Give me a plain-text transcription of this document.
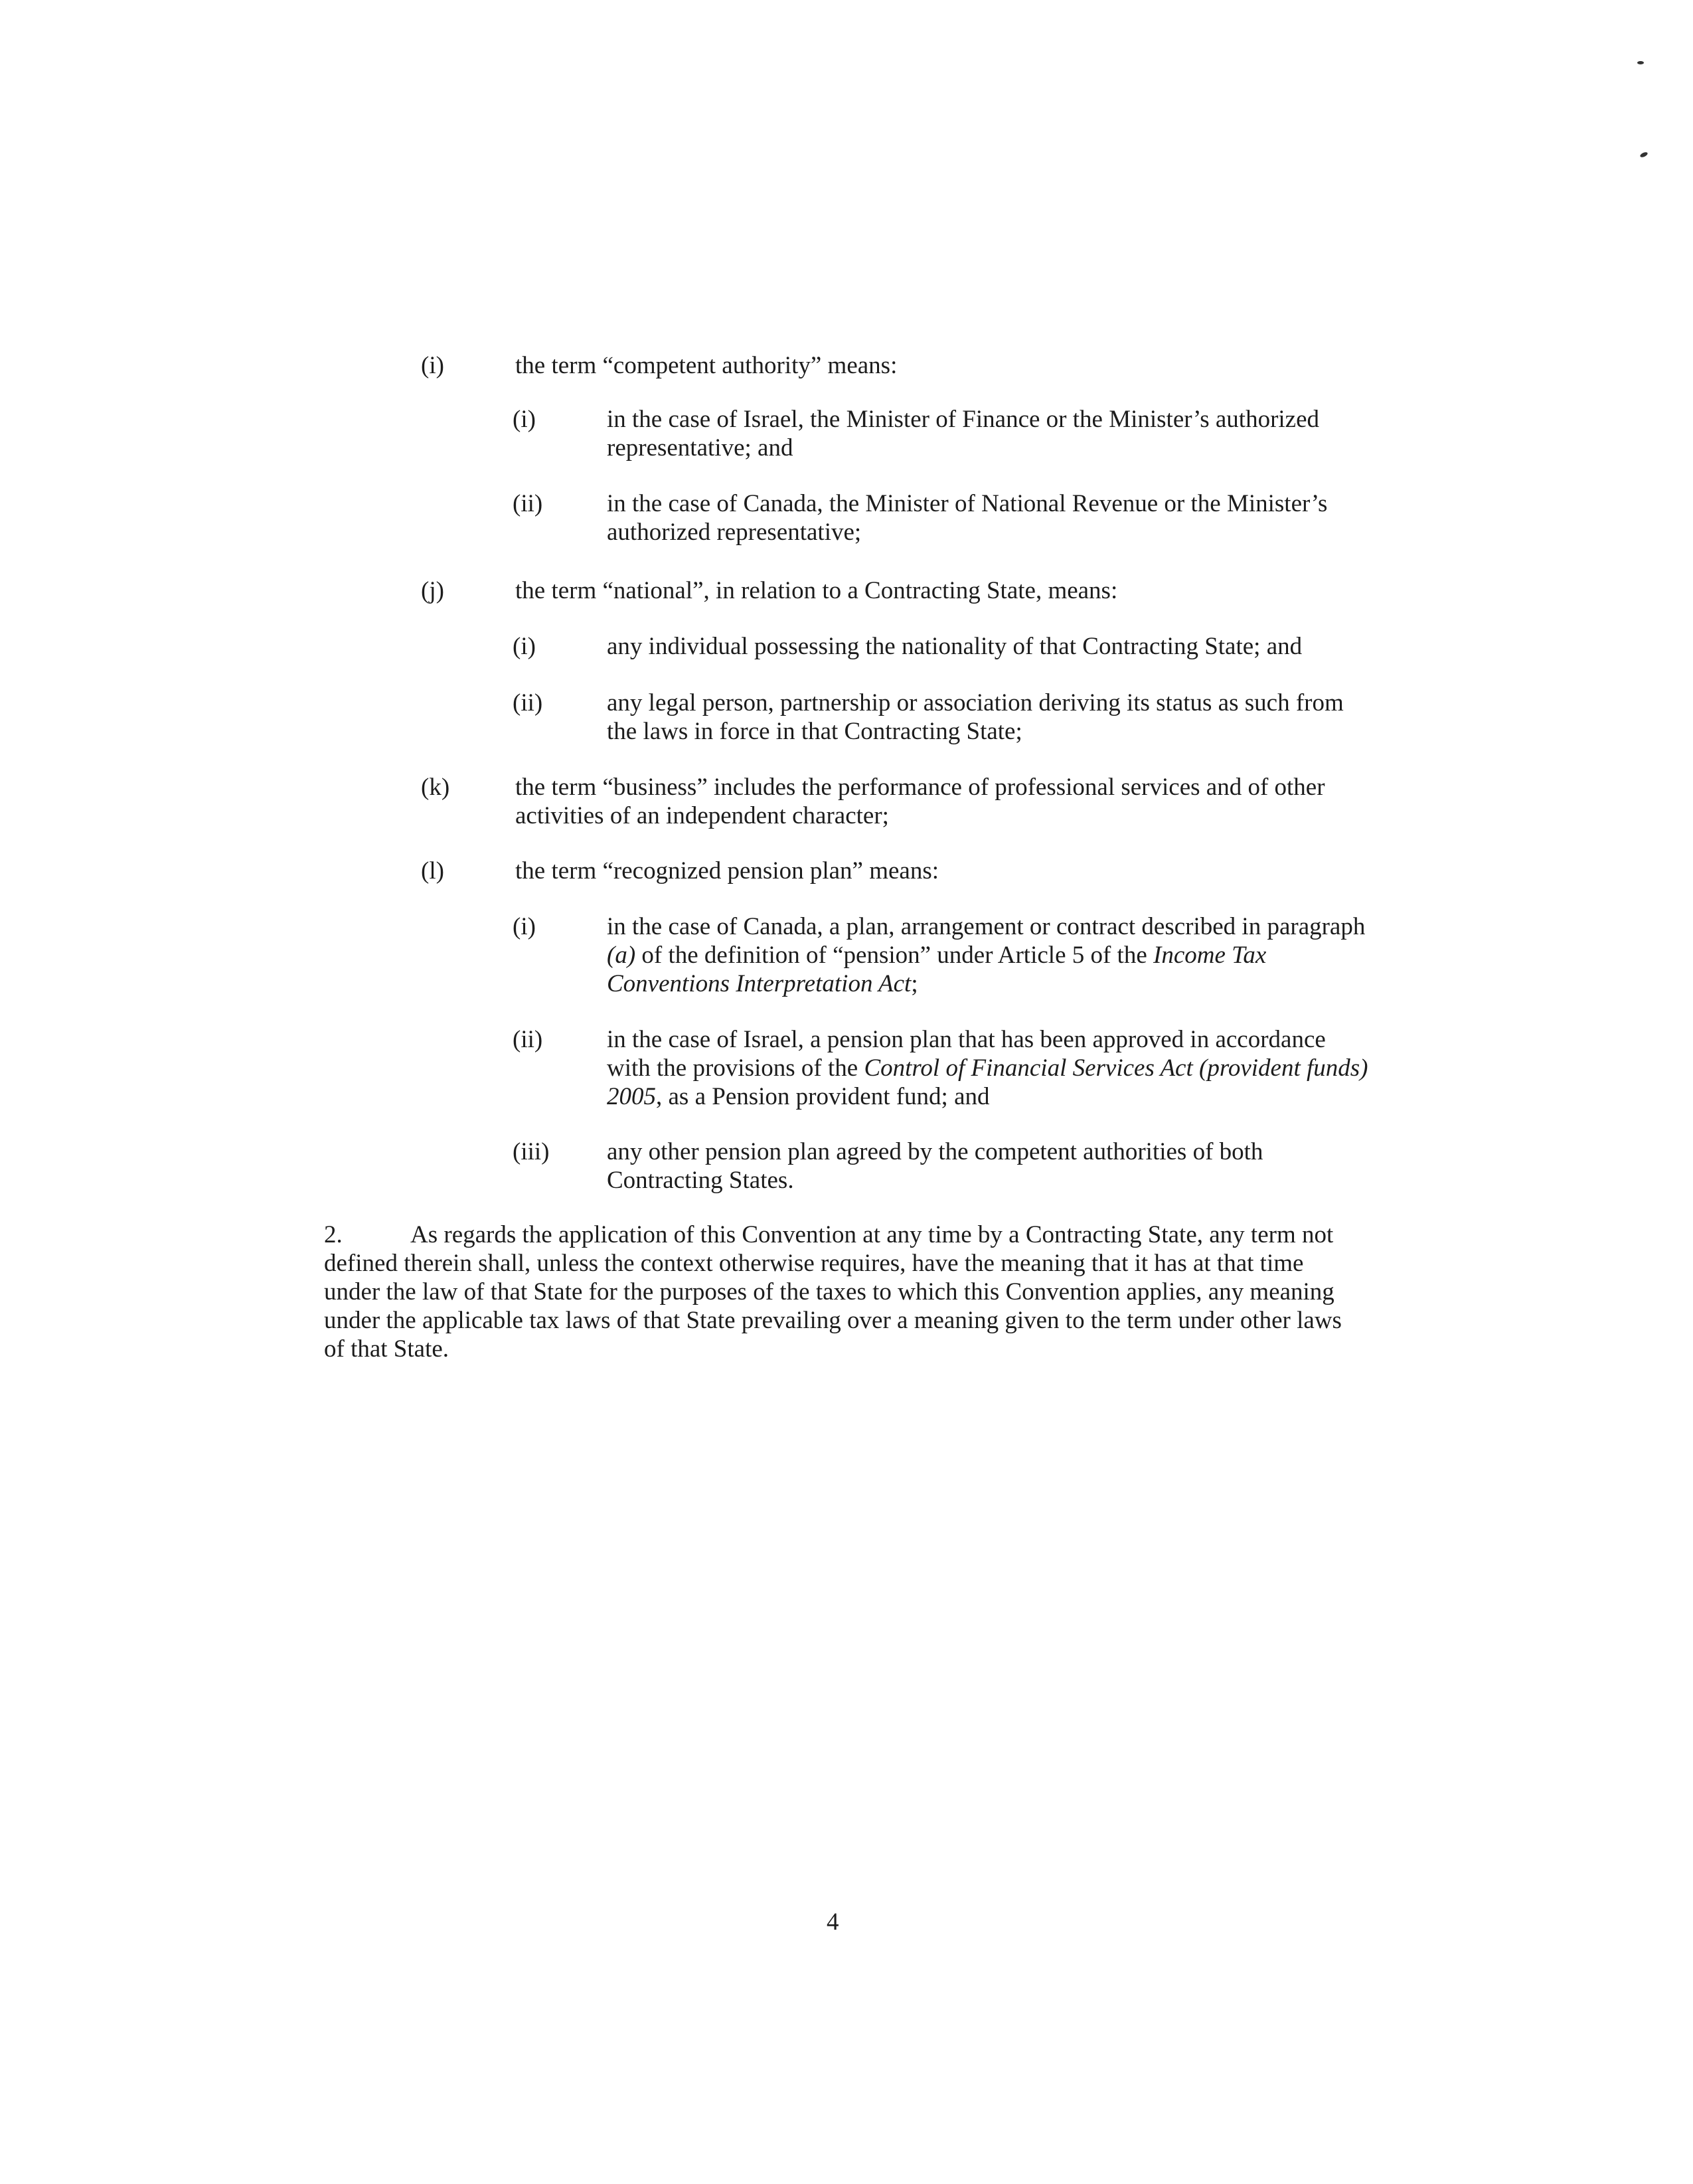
(i)	the term “competent authority” means:

(i)	in the case of Israel, the Minister of Finance or the Minister’s authorized representative; and

(ii)	in the case of Canada, the Minister of National Revenue or the Minister’s authorized representative;

(j)	the term “national”, in relation to a Contracting State, means:

(i)	any individual possessing the nationality of that Contracting State; and

(ii)	any legal person, partnership or association deriving its status as such from the laws in force in that Contracting State;

(k)	the term “business” includes the performance of professional services and of other activities of an independent character;

(l)	the term “recognized pension plan” means:

(i)	in the case of Canada, a plan, arrangement or contract described in paragraph (a) of the definition of “pension” under Article 5 of the Income Tax Conventions Interpretation Act;

(ii)	in the case of Israel, a pension plan that has been approved in accordance with the provisions of the Control of Financial Services Act (provident funds) 2005, as a Pension provident fund; and

(iii) any other pension plan agreed by the competent authorities of both Contracting States.

2.	As regards the application of this Convention at any time by a Contracting State, any term not defined therein shall, unless the context otherwise requires, have the meaning that it has at that time under the law of that State for the purposes of the taxes to which this Convention applies, any meaning under the applicable tax laws of that State prevailing over a meaning given to the term under other laws of that State.

4
